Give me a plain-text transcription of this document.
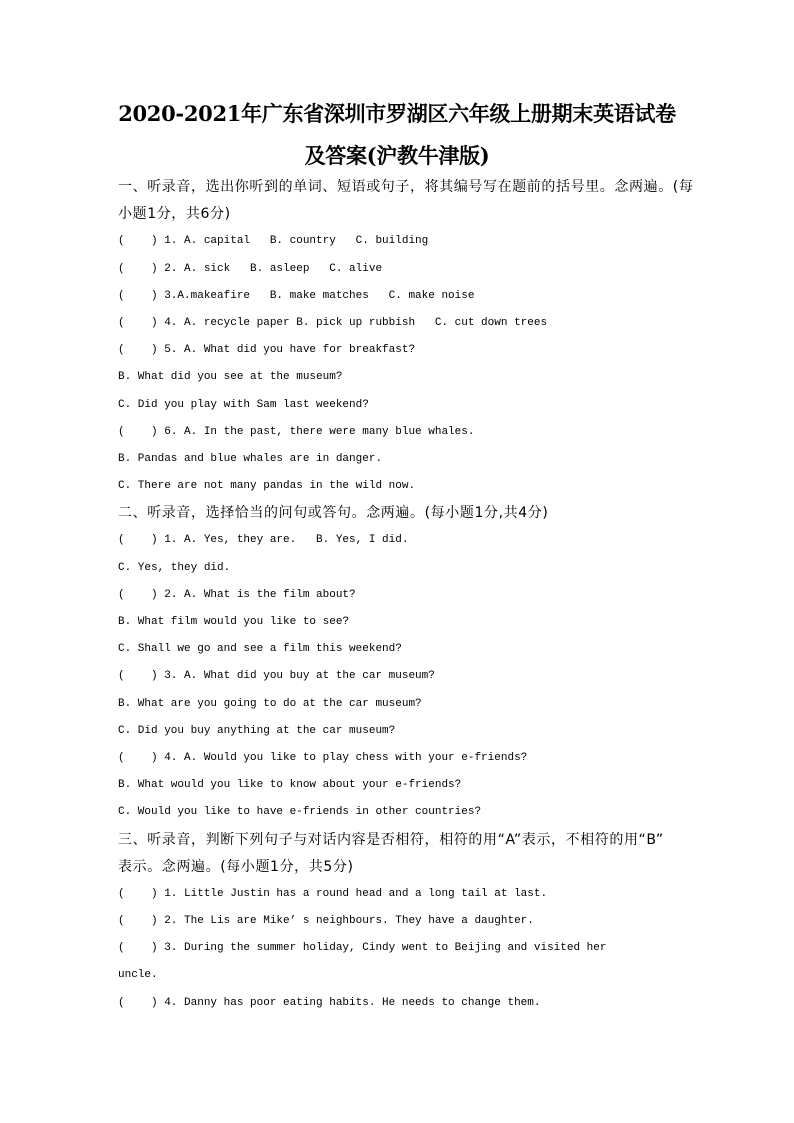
2020-2021年广东省深圳市罗湖区六年级上册期末英语试卷
及答案(沪教牛津版)
一、听录音，选出你听到的单词、短语或句子，将其编号写在题前的括号里。念两遍。(每
小题1分，共6分)
(    ) 1. A. capital   B. country   C. building
(    ) 2. A. sick   B. asleep   C. alive
(    ) 3.A.makeafire   B. make matches   C. make noise
(    ) 4. A. recycle paper B. pick up rubbish   C. cut down trees
(    ) 5. A. What did you have for breakfast?
B. What did you see at the museum?
C. Did you play with Sam last weekend?
(    ) 6. A. In the past, there were many blue whales.
B. Pandas and blue whales are in danger.
C. There are not many pandas in the wild now.
二、听录音，选择恰当的问句或答句。念两遍。(每小题1分,共4分)
(    ) 1. A. Yes, they are.   B. Yes, I did.
C. Yes, they did.
(    ) 2. A. What is the film about?
B. What film would you like to see?
C. Shall we go and see a film this weekend?
(    ) 3. A. What did you buy at the car museum?
B. What are you going to do at the car museum?
C. Did you buy anything at the car museum?
(    ) 4. A. Would you like to play chess with your e-friends?
B. What would you like to know about your e-friends?
C. Would you like to have e-friends in other countries?
三、听录音，判断下列句子与对话内容是否相符，相符的用“A”表示，不相符的用“B”
表示。念两遍。(每小题1分，共5分)
(    ) 1. Little Justin has a round head and a long tail at last.
(    ) 2. The Lis are Mike’ s neighbours. They have a daughter.
(    ) 3. During the summer holiday, Cindy went to Beijing and visited her
uncle.
(    ) 4. Danny has poor eating habits. He needs to change them.
